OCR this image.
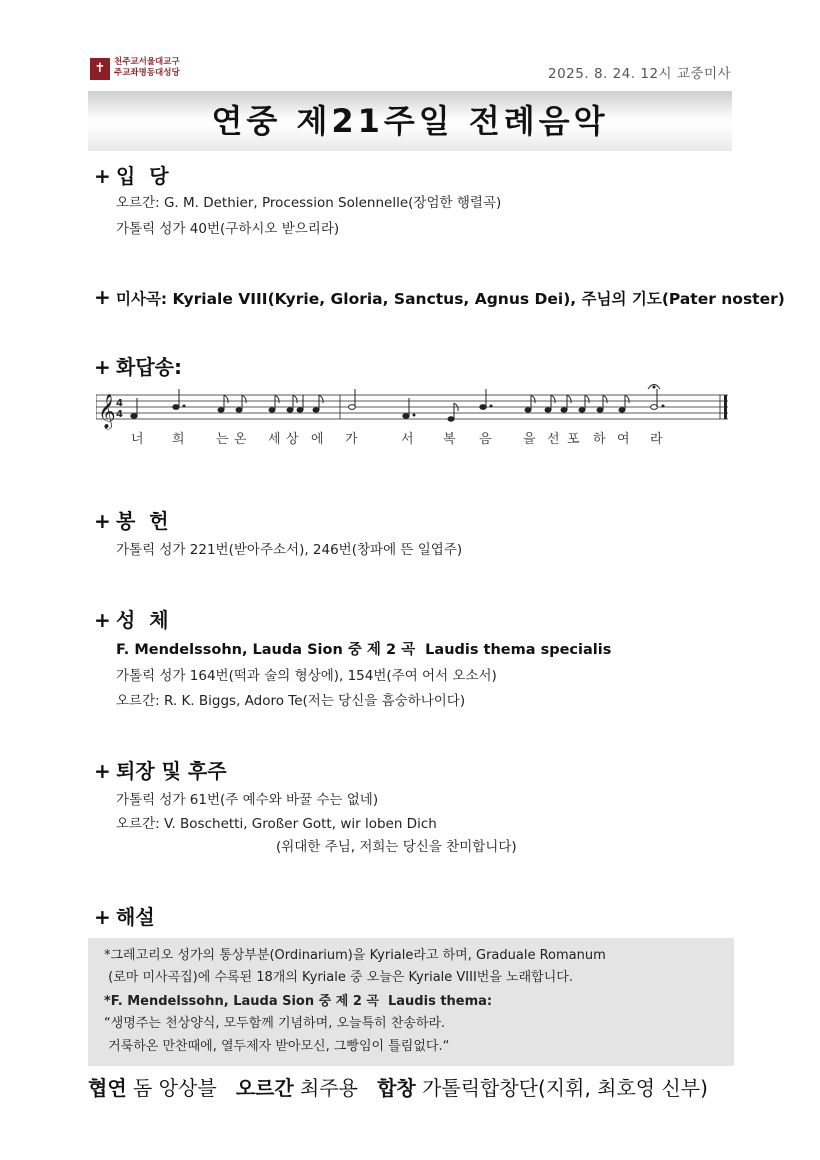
✝ 천주교서울대교구
주교좌명동대성당	2025. 8. 24. 12시 교중미사
연중 제21주일 전례음악
+ 입  당
오르간: G. M. Dethier, Procession Solennelle(장엄한 행렬곡)
가톨릭 성가 40번(구하시오 받으리라)
+ 미사곡: Kyriale VIII(Kyrie, Gloria, Sanctus, Agnus Dei), 주님의 기도(Pater noster)
+ 화답송:
𝄞 4
4
너 희 는 온 세 상 에 가	서 복 음 을 선 포 하 여 라
+ 봉  헌
가톨릭 성가 221번(받아주소서), 246번(창파에 뜬 일엽주)
+ 성  체
F. Mendelssohn, Lauda Sion 중 제 2 곡  Laudis thema specialis
가톨릭 성가 164번(떡과 술의 형상에), 154번(주여 어서 오소서)
오르간: R. K. Biggs, Adoro Te(저는 당신을 흠숭하나이다)
+ 퇴장 및 후주
가톨릭 성가 61번(주 예수와 바꿀 수는 없네)
오르간: V. Boschetti, Großer Gott, wir loben Dich
(위대한 주님, 저희는 당신을 찬미합니다)
+ 해설
*그레고리오 성가의 통상부분(Ordinarium)을 Kyriale라고 하며, Graduale Romanum
(로마 미사곡집)에 수록된 18개의 Kyriale 중 오늘은 Kyriale VIII번을 노래합니다.
*F. Mendelssohn, Lauda Sion 중 제 2 곡  Laudis thema:
“생명주는 천상양식, 모두함께 기념하며, 오늘특히 찬송하라.
거룩하온 만찬때에, 열두제자 받아모신, 그빵임이 틀림없다.“
협연 돔 앙상블   오르간 최주용   합창 가톨릭합창단(지휘, 최호영 신부)
